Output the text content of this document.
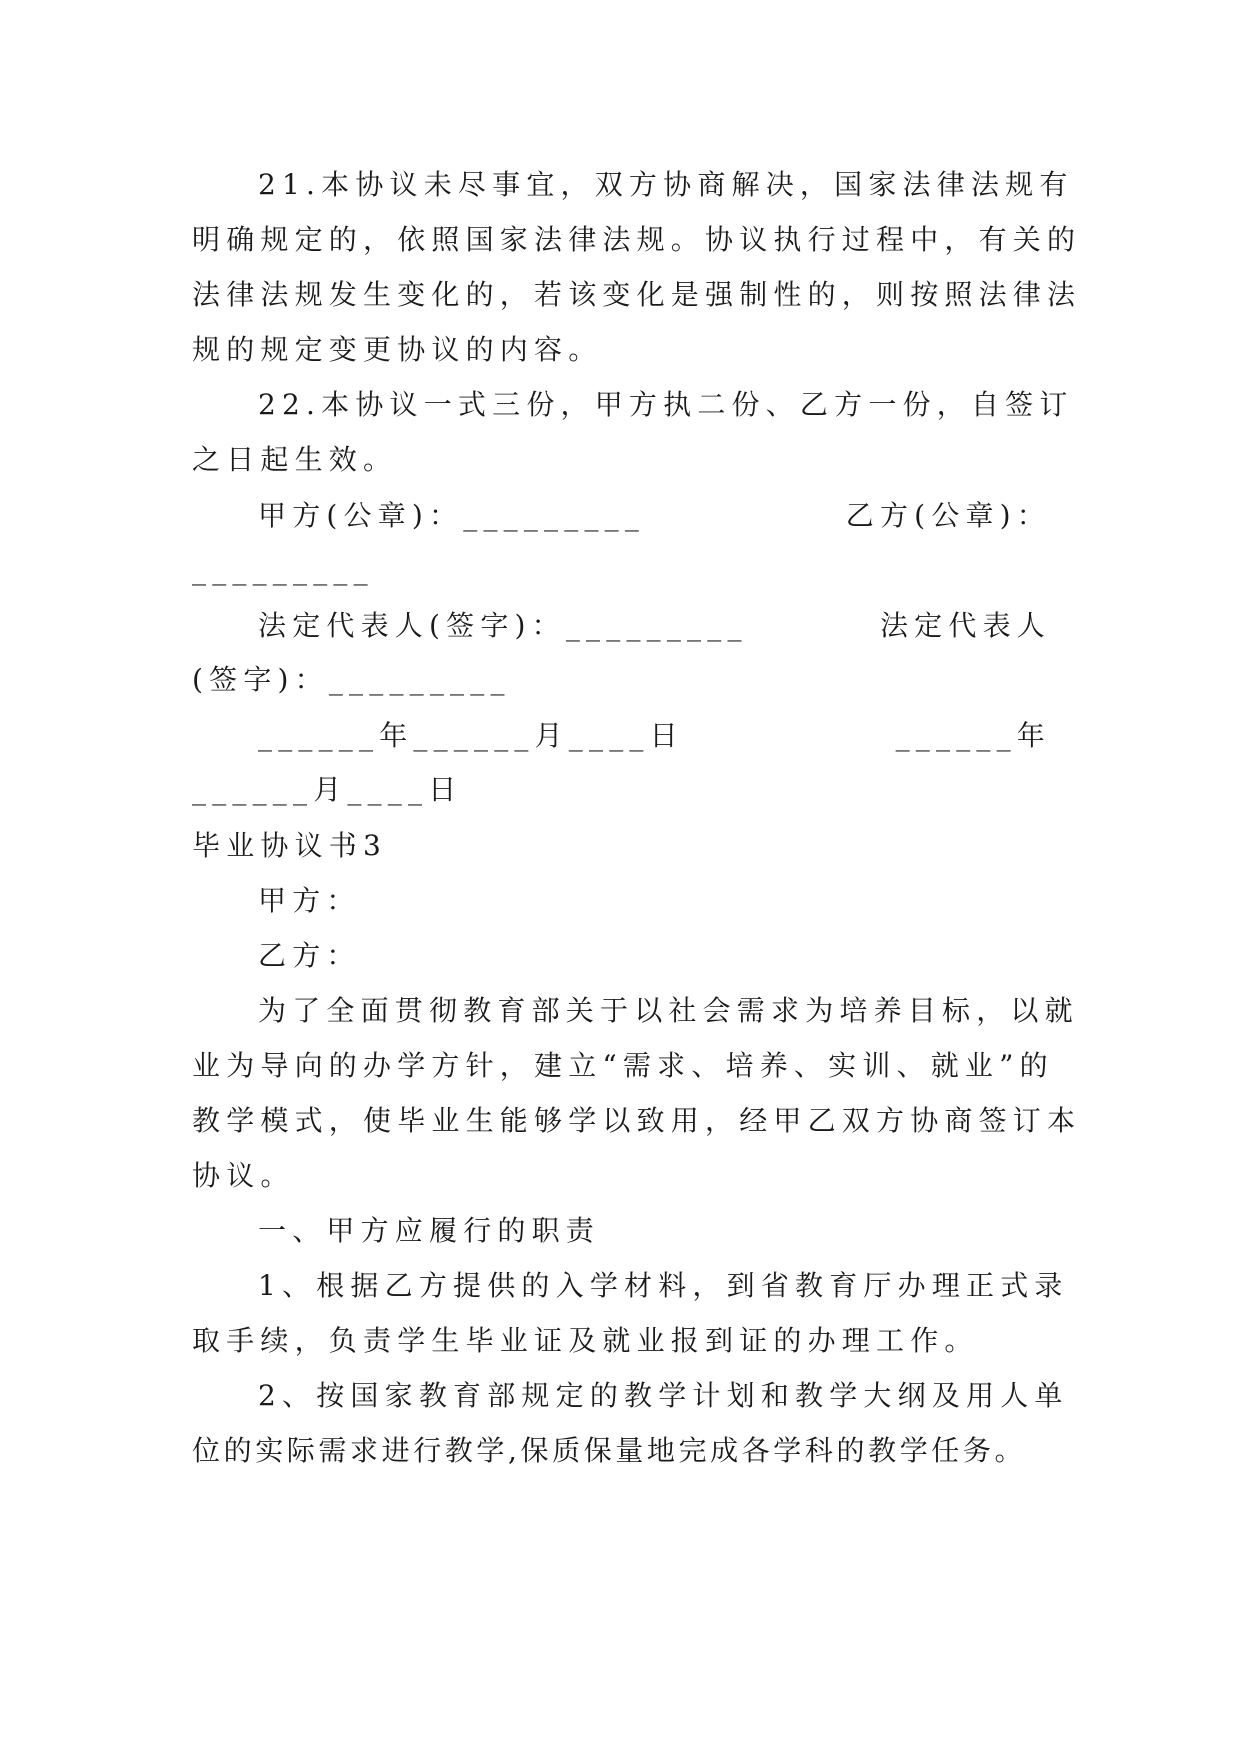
21.本协议未尽事宜，双方协商解决，国家法律法规有
明确规定的，依照国家法律法规。协议执行过程中，有关的
法律法规发生变化的，若该变化是强制性的，则按照法律法
规的规定变更协议的内容。
22.本协议一式三份，甲方执二份、乙方一份，自签订
之日起生效。
甲方(公章)：_________	乙方(公章)：
_________
法定代表人(签字)：_________	法定代表人
(签字)：_________
______年______月____日	______年
______月____日
毕业协议书3
甲方：
乙方：
为了全面贯彻教育部关于以社会需求为培养目标，以就
业为导向的办学方针，建立“需求、培养、实训、就业”的
教学模式，使毕业生能够学以致用，经甲乙双方协商签订本
协议。
一、甲方应履行的职责
1、根据乙方提供的入学材料，到省教育厅办理正式录
取手续，负责学生毕业证及就业报到证的办理工作。
2、按国家教育部规定的教学计划和教学大纲及用人单
位的实际需求进行教学,保质保量地完成各学科的教学任务。
